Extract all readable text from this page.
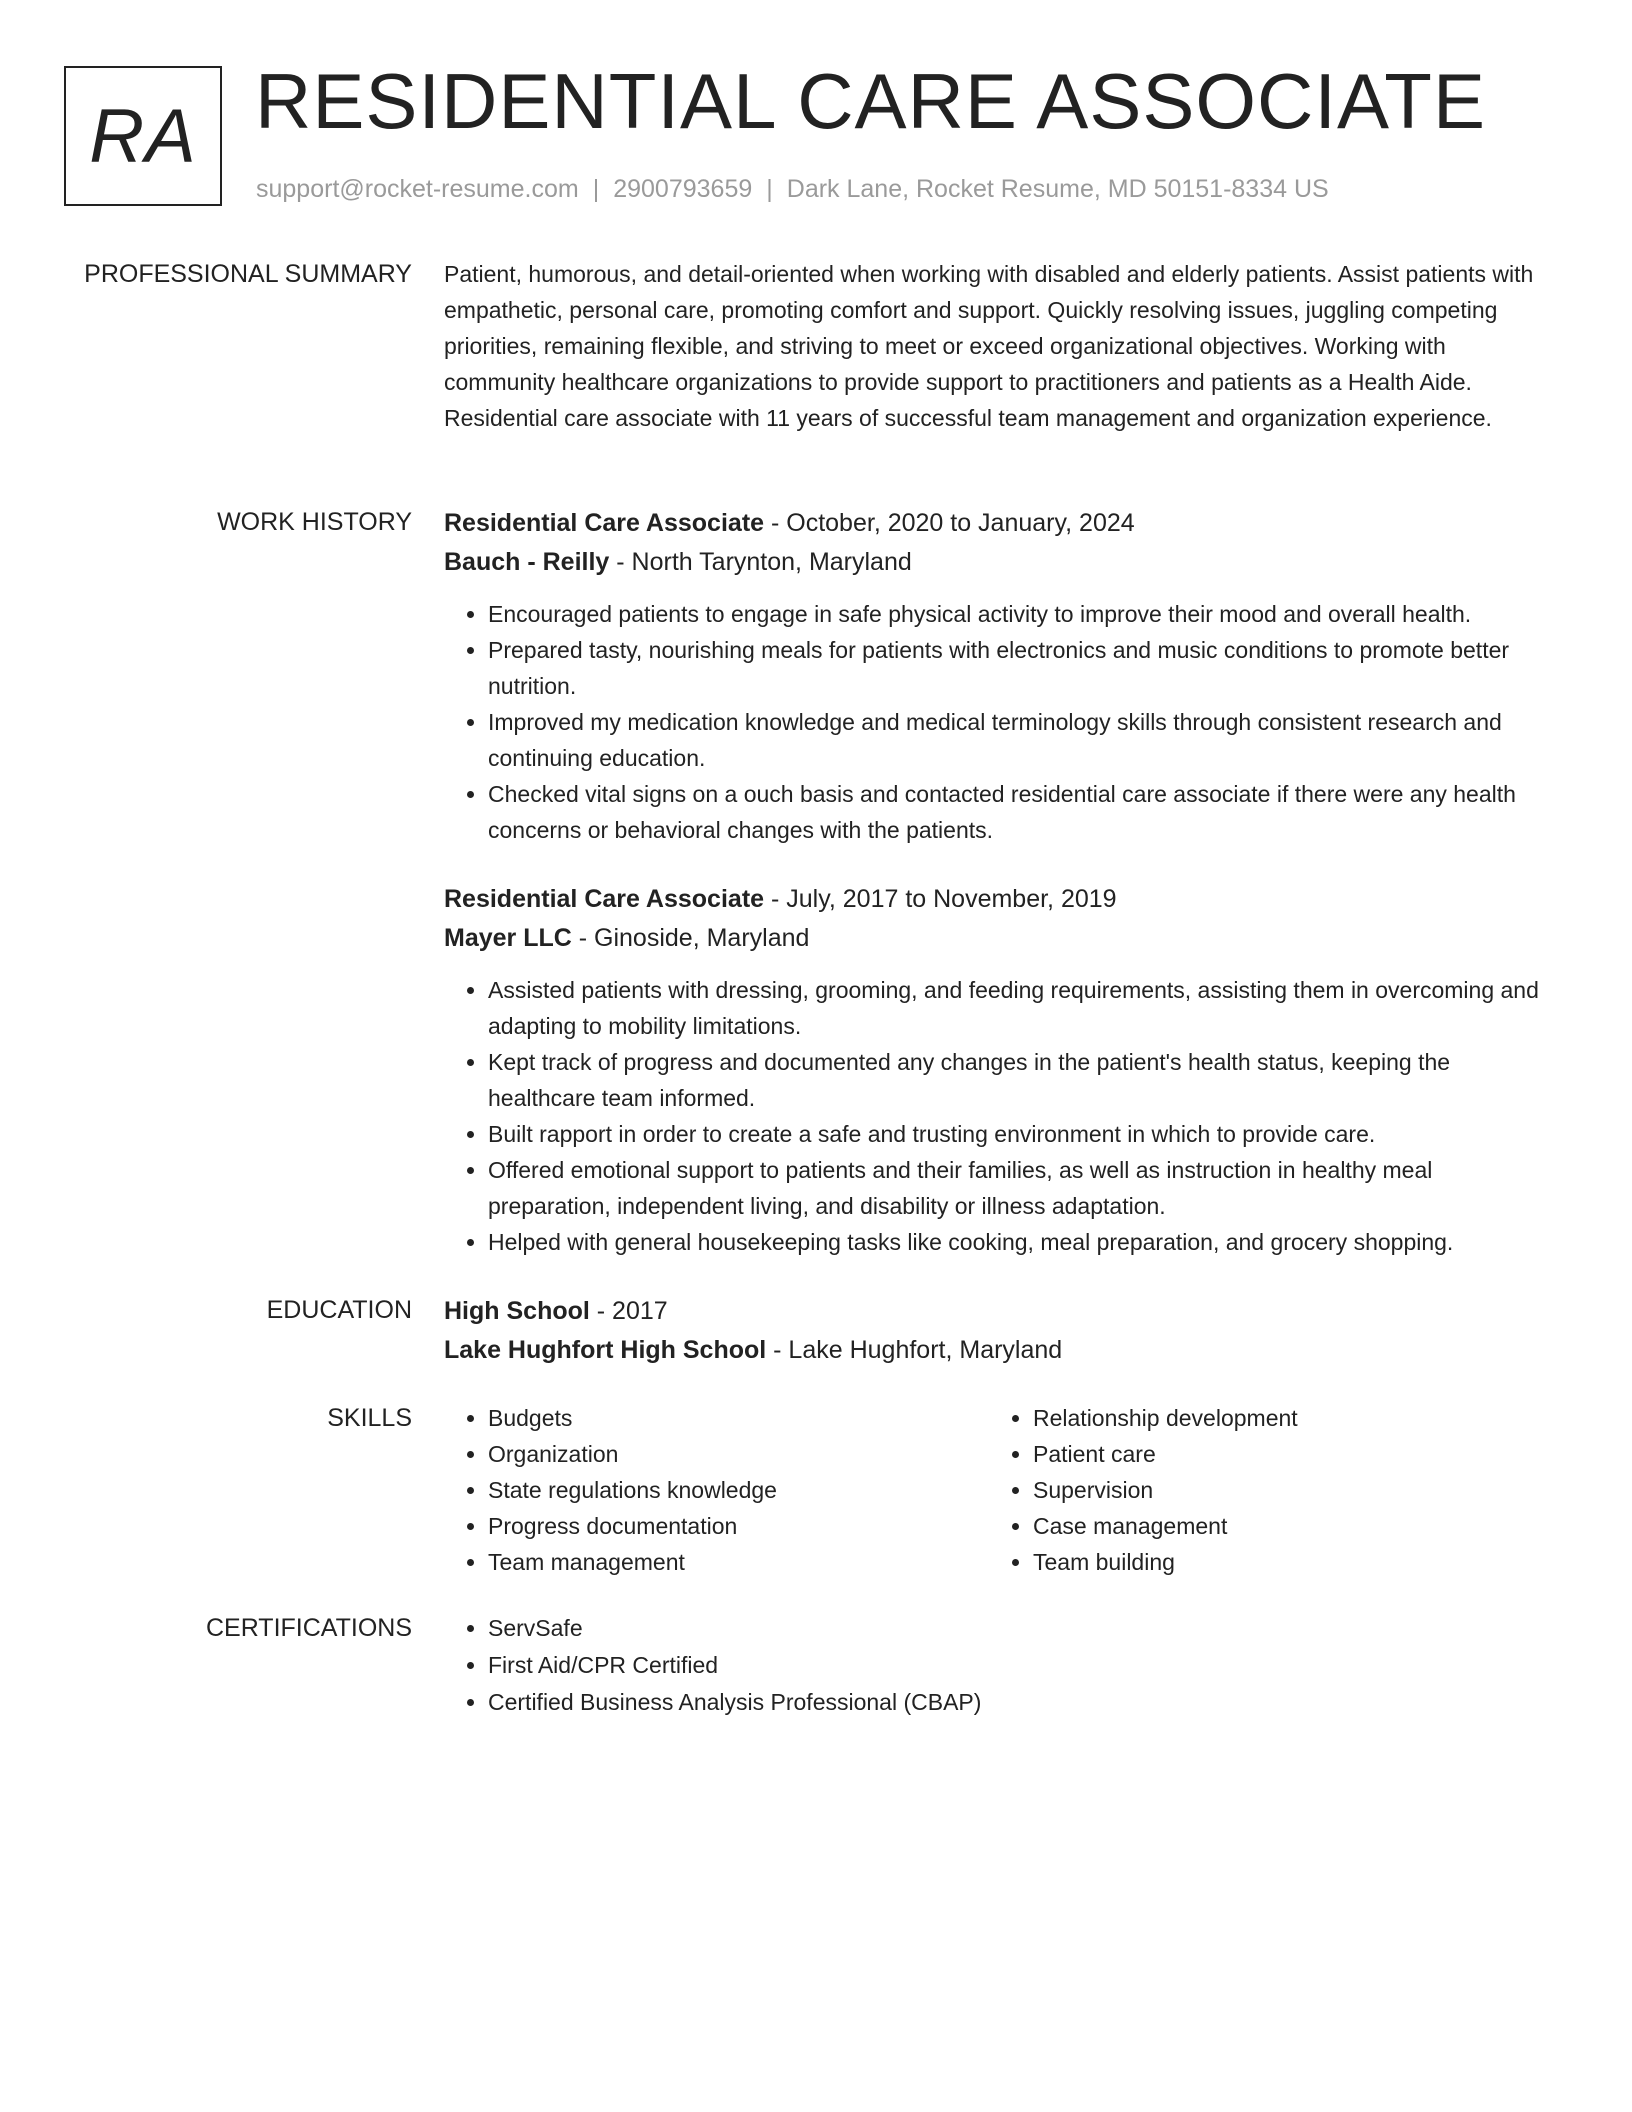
RA RESIDENTIAL CARE ASSOCIATE
support@rocket-resume.com | 2900793659 | Dark Lane, Rocket Resume, MD 50151-8334 US
PROFESSIONAL SUMMARY Patient, humorous, and detail-oriented when working with disabled and elderly patients. Assist patients with empathetic, personal care, promoting comfort and support. Quickly resolving issues, juggling competing priorities, remaining flexible, and striving to meet or exceed organizational objectives. Working with community healthcare organizations to provide support to practitioners and patients as a Health Aide. Residential care associate with 11 years of successful team management and organization experience.

WORK HISTORY Residential Care Associate - October, 2020 to January, 2024
Bauch - Reilly - North Tarynton, Maryland
• Encouraged patients to engage in safe physical activity to improve their mood and overall health.
• Prepared tasty, nourishing meals for patients with electronics and music conditions to promote better nutrition.
• Improved my medication knowledge and medical terminology skills through consistent research and continuing education.
• Checked vital signs on a ouch basis and contacted residential care associate if there were any health concerns or behavioral changes with the patients.
Residential Care Associate - July, 2017 to November, 2019
Mayer LLC - Ginoside, Maryland
• Assisted patients with dressing, grooming, and feeding requirements, assisting them in overcoming and adapting to mobility limitations.
• Kept track of progress and documented any changes in the patient's health status, keeping the healthcare team informed.
• Built rapport in order to create a safe and trusting environment in which to provide care.
• Offered emotional support to patients and their families, as well as instruction in healthy meal preparation, independent living, and disability or illness adaptation.
• Helped with general housekeeping tasks like cooking, meal preparation, and grocery shopping.
EDUCATION High School - 2017
Lake Hughfort High School - Lake Hughfort, Maryland
SKILLS	• Budgets
• Organization
• State regulations knowledge
• Progress documentation
• Team management
• Relationship development
• Patient care
• Supervision
• Case management
• Team building
CERTIFICATIONS	• ServSafe
• First Aid/CPR Certified
• Certified Business Analysis Professional (CBAP)
